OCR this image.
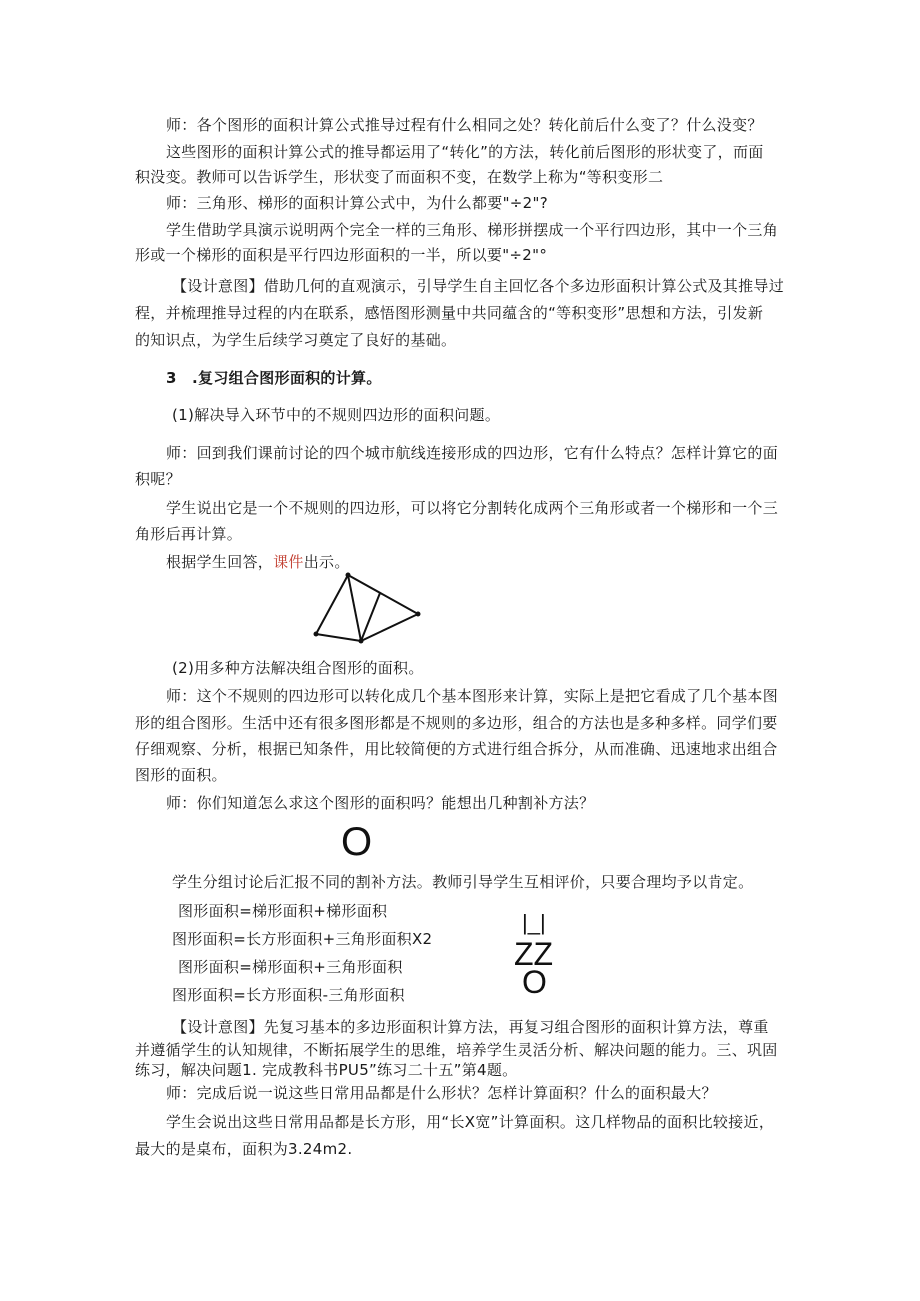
师：各个图形的面积计算公式推导过程有什么相同之处？转化前后什么变了？什么没变？
这些图形的面积计算公式的推导都运用了“转化”的方法，转化前后图形的形状变了，而面
积没变。教师可以告诉学生，形状变了而面积不变，在数学上称为“等积变形二
师：三角形、梯形的面积计算公式中，为什么都要"÷2"?
学生借助学具演示说明两个完全一样的三角形、梯形拼摆成一个平行四边形，其中一个三角
形或一个梯形的面积是平行四边形面积的一半，所以要"÷2"°
【设计意图】借助几何的直观演示，引导学生自主回忆各个多边形面积计算公式及其推导过
程，并梳理推导过程的内在联系，感悟图形测量中共同蕴含的“等积变形”思想和方法，引发新
的知识点，为学生后续学习奠定了良好的基础。
3　.复习组合图形面积的计算。
(1)解决导入环节中的不规则四边形的面积问题。
师：回到我们课前讨论的四个城市航线连接形成的四边形，它有什么特点？怎样计算它的面
积呢？
学生说出它是一个不规则的四边形，可以将它分割转化成两个三角形或者一个梯形和一个三
角形后再计算。
根据学生回答，课件出示。
(2)用多种方法解决组合图形的面积。
师：这个不规则的四边形可以转化成几个基本图形来计算，实际上是把它看成了几个基本图
形的组合图形。生活中还有很多图形都是不规则的多边形，组合的方法也是多种多样。同学们要
仔细观察、分析，根据已知条件，用比较简便的方式进行组合拆分，从而准确、迅速地求出组合
图形的面积。
师：你们知道怎么求这个图形的面积吗？能想出几种割补方法？
O
学生分组讨论后汇报不同的割补方法。教师引导学生互相评价，只要合理均予以肯定。
图形面积=梯形面积+梯形面积
图形面积=长方形面积+三角形面积X2
图形面积=梯形面积+三角形面积
图形面积=长方形面积-三角形面积
|_|
ZZ
O
【设计意图】先复习基本的多边形面积计算方法，再复习组合图形的面积计算方法，尊重
并遵循学生的认知规律，不断拓展学生的思维，培养学生灵活分析、解决问题的能力。三、巩固
练习，解决问题1. 完成教科书PU5”练习二十五”第4题。
师：完成后说一说这些日常用品都是什么形状？怎样计算面积？什么的面积最大？
学生会说出这些日常用品都是长方形，用“长X宽”计算面积。这几样物品的面积比较接近，
最大的是桌布，面积为3.24m2.
